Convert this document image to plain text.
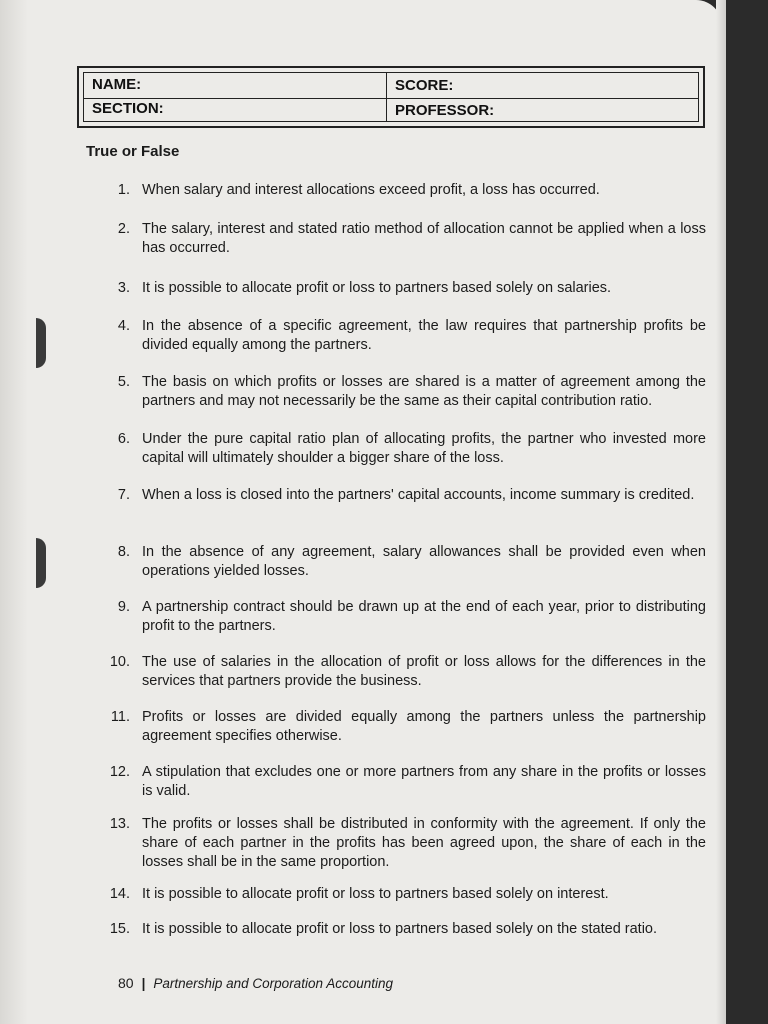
NAME:
SECTION:
SCORE:
PROFESSOR:
True or False
1. When salary and interest allocations exceed profit, a loss has occurred.
2. The salary, interest and stated ratio method of allocation cannot be applied when a loss has occurred.
3. It is possible to allocate profit or loss to partners based solely on salaries.
4. In the absence of a specific agreement, the law requires that partnership profits be divided equally among the partners.
5. The basis on which profits or losses are shared is a matter of agreement among the partners and may not necessarily be the same as their capital contribution ratio.
6. Under the pure capital ratio plan of allocating profits, the partner who invested more capital will ultimately shoulder a bigger share of the loss.
7. When a loss is closed into the partners' capital accounts, income summary is credited.
8. In the absence of any agreement, salary allowances shall be provided even when operations yielded losses.
9. A partnership contract should be drawn up at the end of each year, prior to distributing profit to the partners.
10. The use of salaries in the allocation of profit or loss allows for the differences in the services that partners provide the business.
11. Profits or losses are divided equally among the partners unless the partnership agreement specifies otherwise.
12. A stipulation that excludes one or more partners from any share in the profits or losses is valid.
13. The profits or losses shall be distributed in conformity with the agreement. If only the share of each partner in the profits has been agreed upon, the share of each in the losses shall be in the same proportion.
14. It is possible to allocate profit or loss to partners based solely on interest.
15. It is possible to allocate profit or loss to partners based solely on the stated ratio.
80 | Partnership and Corporation Accounting
